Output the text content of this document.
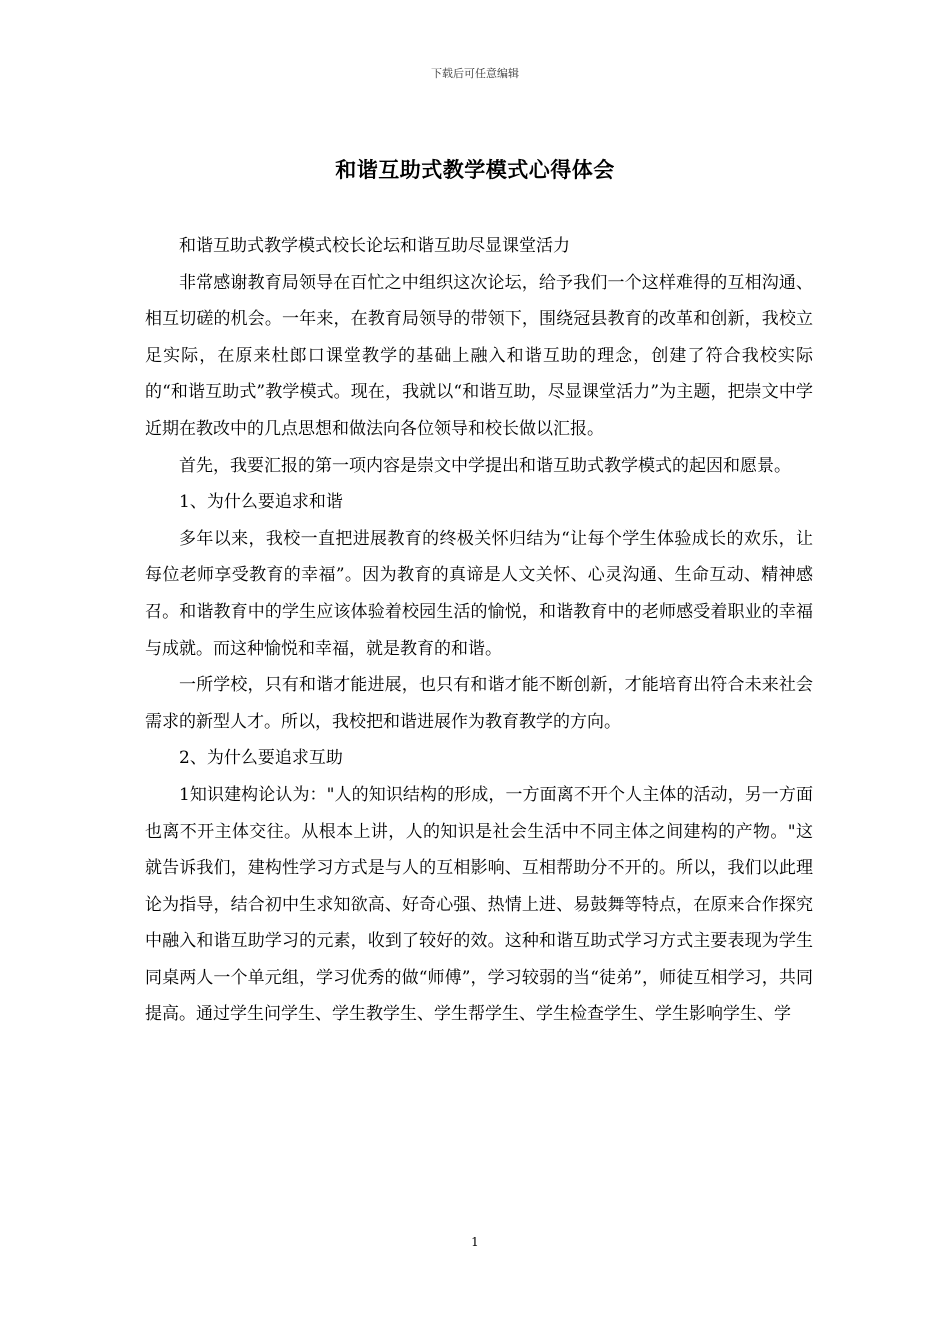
下载后可任意编辑
和谐互助式教学模式心得体会

和谐互助式教学模式校长论坛和谐互助尽显课堂活力

非常感谢教育局领导在百忙之中组织这次论坛，给予我们一个这样难得的互相沟通、相互切磋的机会。一年来，在教育局领导的带领下，围绕冠县教育的改革和创新，我校立足实际，在原来杜郎口课堂教学的基础上融入和谐互助的理念，创建了符合我校实际的“和谐互助式”教学模式。现在，我就以“和谐互助，尽显课堂活力”为主题，把崇文中学近期在教改中的几点思想和做法向各位领导和校长做以汇报。

首先，我要汇报的第一项内容是崇文中学提出和谐互助式教学模式的起因和愿景。

1、为什么要追求和谐

多年以来，我校一直把进展教育的终极关怀归结为“让每个学生体验成长的欢乐，让每位老师享受教育的幸福”。因为教育的真谛是人文关怀、心灵沟通、生命互动、精神感召。和谐教育中的学生应该体验着校园生活的愉悦，和谐教育中的老师感受着职业的幸福与成就。而这种愉悦和幸福，就是教育的和谐。

一所学校，只有和谐才能进展，也只有和谐才能不断创新，才能培育出符合未来社会需求的新型人才。所以，我校把和谐进展作为教育教学的方向。

2、为什么要追求互助

1知识建构论认为："人的知识结构的形成，一方面离不开个人主体的活动，另一方面也离不开主体交往。从根本上讲，人的知识是社会生活中不同主体之间建构的产物。"这就告诉我们，建构性学习方式是与人的互相影响、互相帮助分不开的。所以，我们以此理论为指导，结合初中生求知欲高、好奇心强、热情上进、易鼓舞等特点，在原来合作探究中融入和谐互助学习的元素，收到了较好的效。这种和谐互助式学习方式主要表现为学生同桌两人一个单元组，学习优秀的做“师傅”，学习较弱的当“徒弟”，师徒互相学习，共同提高。通过学生问学生、学生教学生、学生帮学生、学生检查学生、学生影响学生、学

1
